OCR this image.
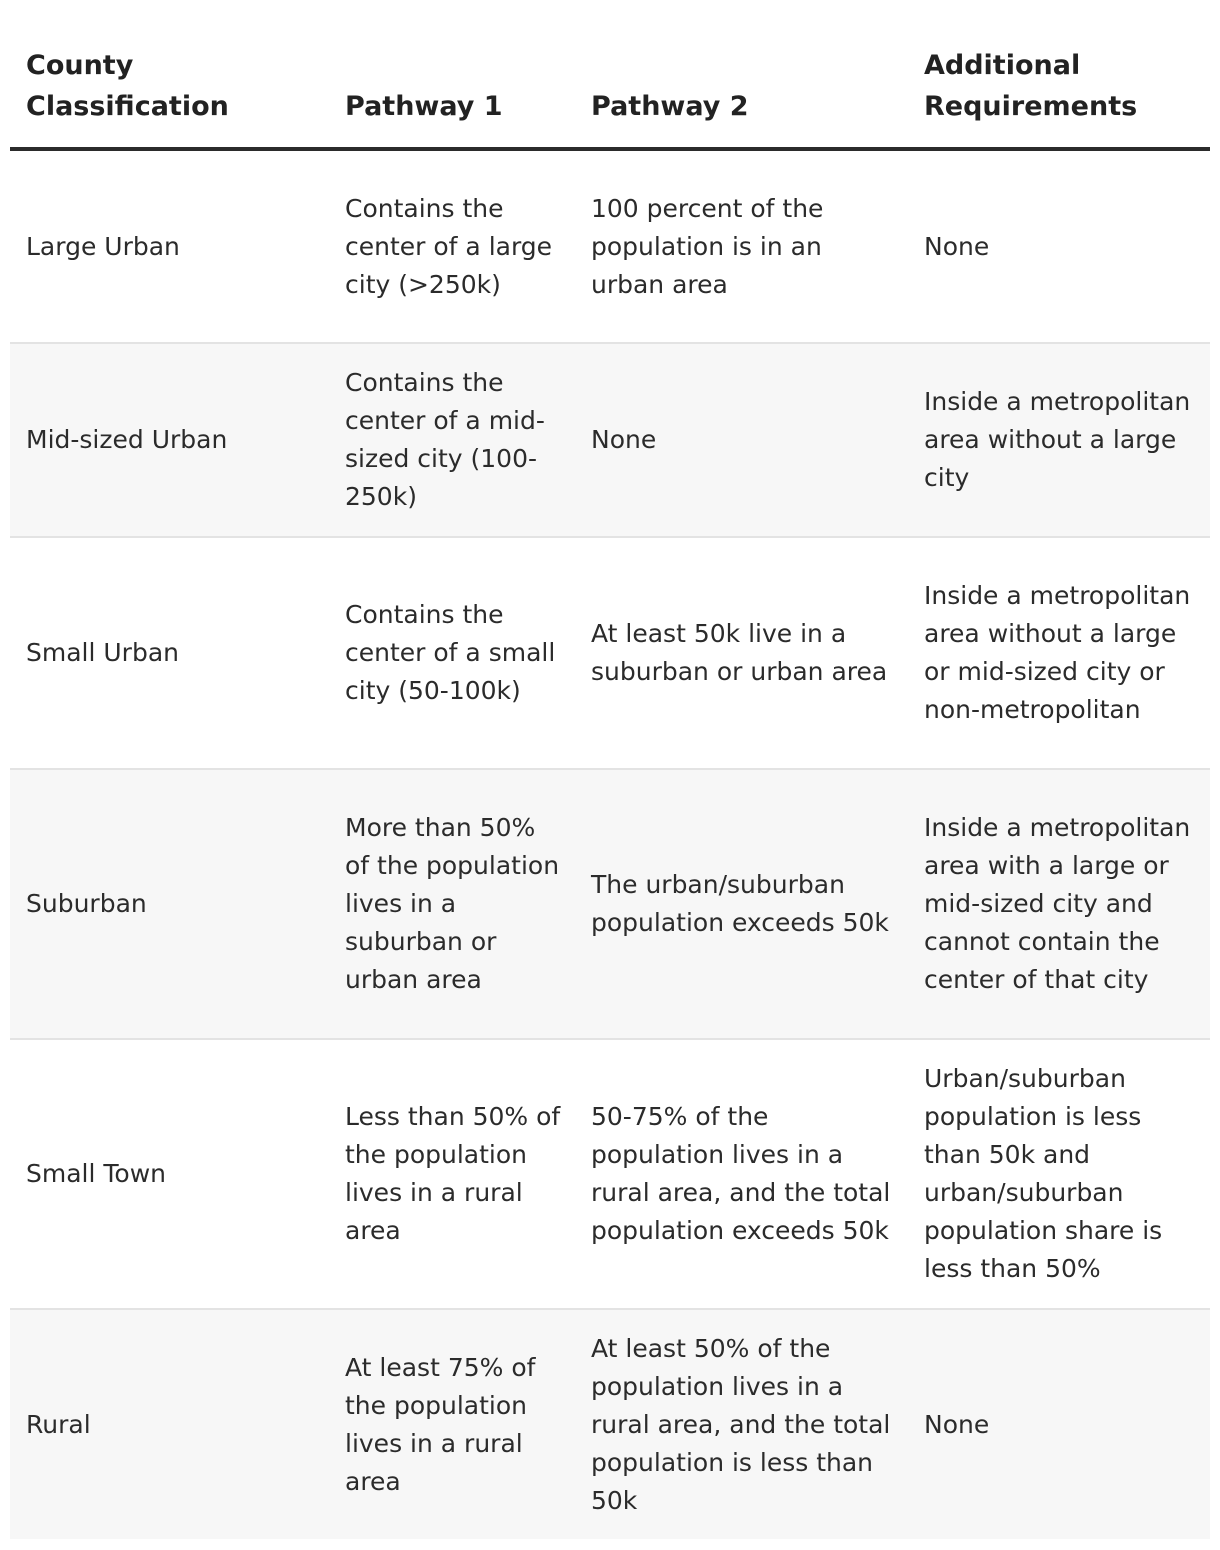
County Classification	Pathway 1	Pathway 2	Additional Requirements
Large Urban	Contains the center of a large city (>250k)	100 percent of the population is in an urban area	None
Mid-sized Urban	Contains the center of a mid-sized city (100-250k)	None	Inside a metropolitan area without a large city
Small Urban	Contains the center of a small city (50-100k)	At least 50k live in a suburban or urban area	Inside a metropolitan area without a large or mid-sized city or non-metropolitan
Suburban	More than 50% of the population lives in a suburban or urban area	The urban/suburban population exceeds 50k	Inside a metropolitan area with a large or mid-sized city and cannot contain the center of that city
Small Town	Less than 50% of the population lives in a rural area	50-75% of the population lives in a rural area, and the total population exceeds 50k	Urban/suburban population is less than 50k and urban/suburban population share is less than 50%
Rural	At least 75% of the population lives in a rural area	At least 50% of the population lives in a rural area, and the total population is less than 50k	None
